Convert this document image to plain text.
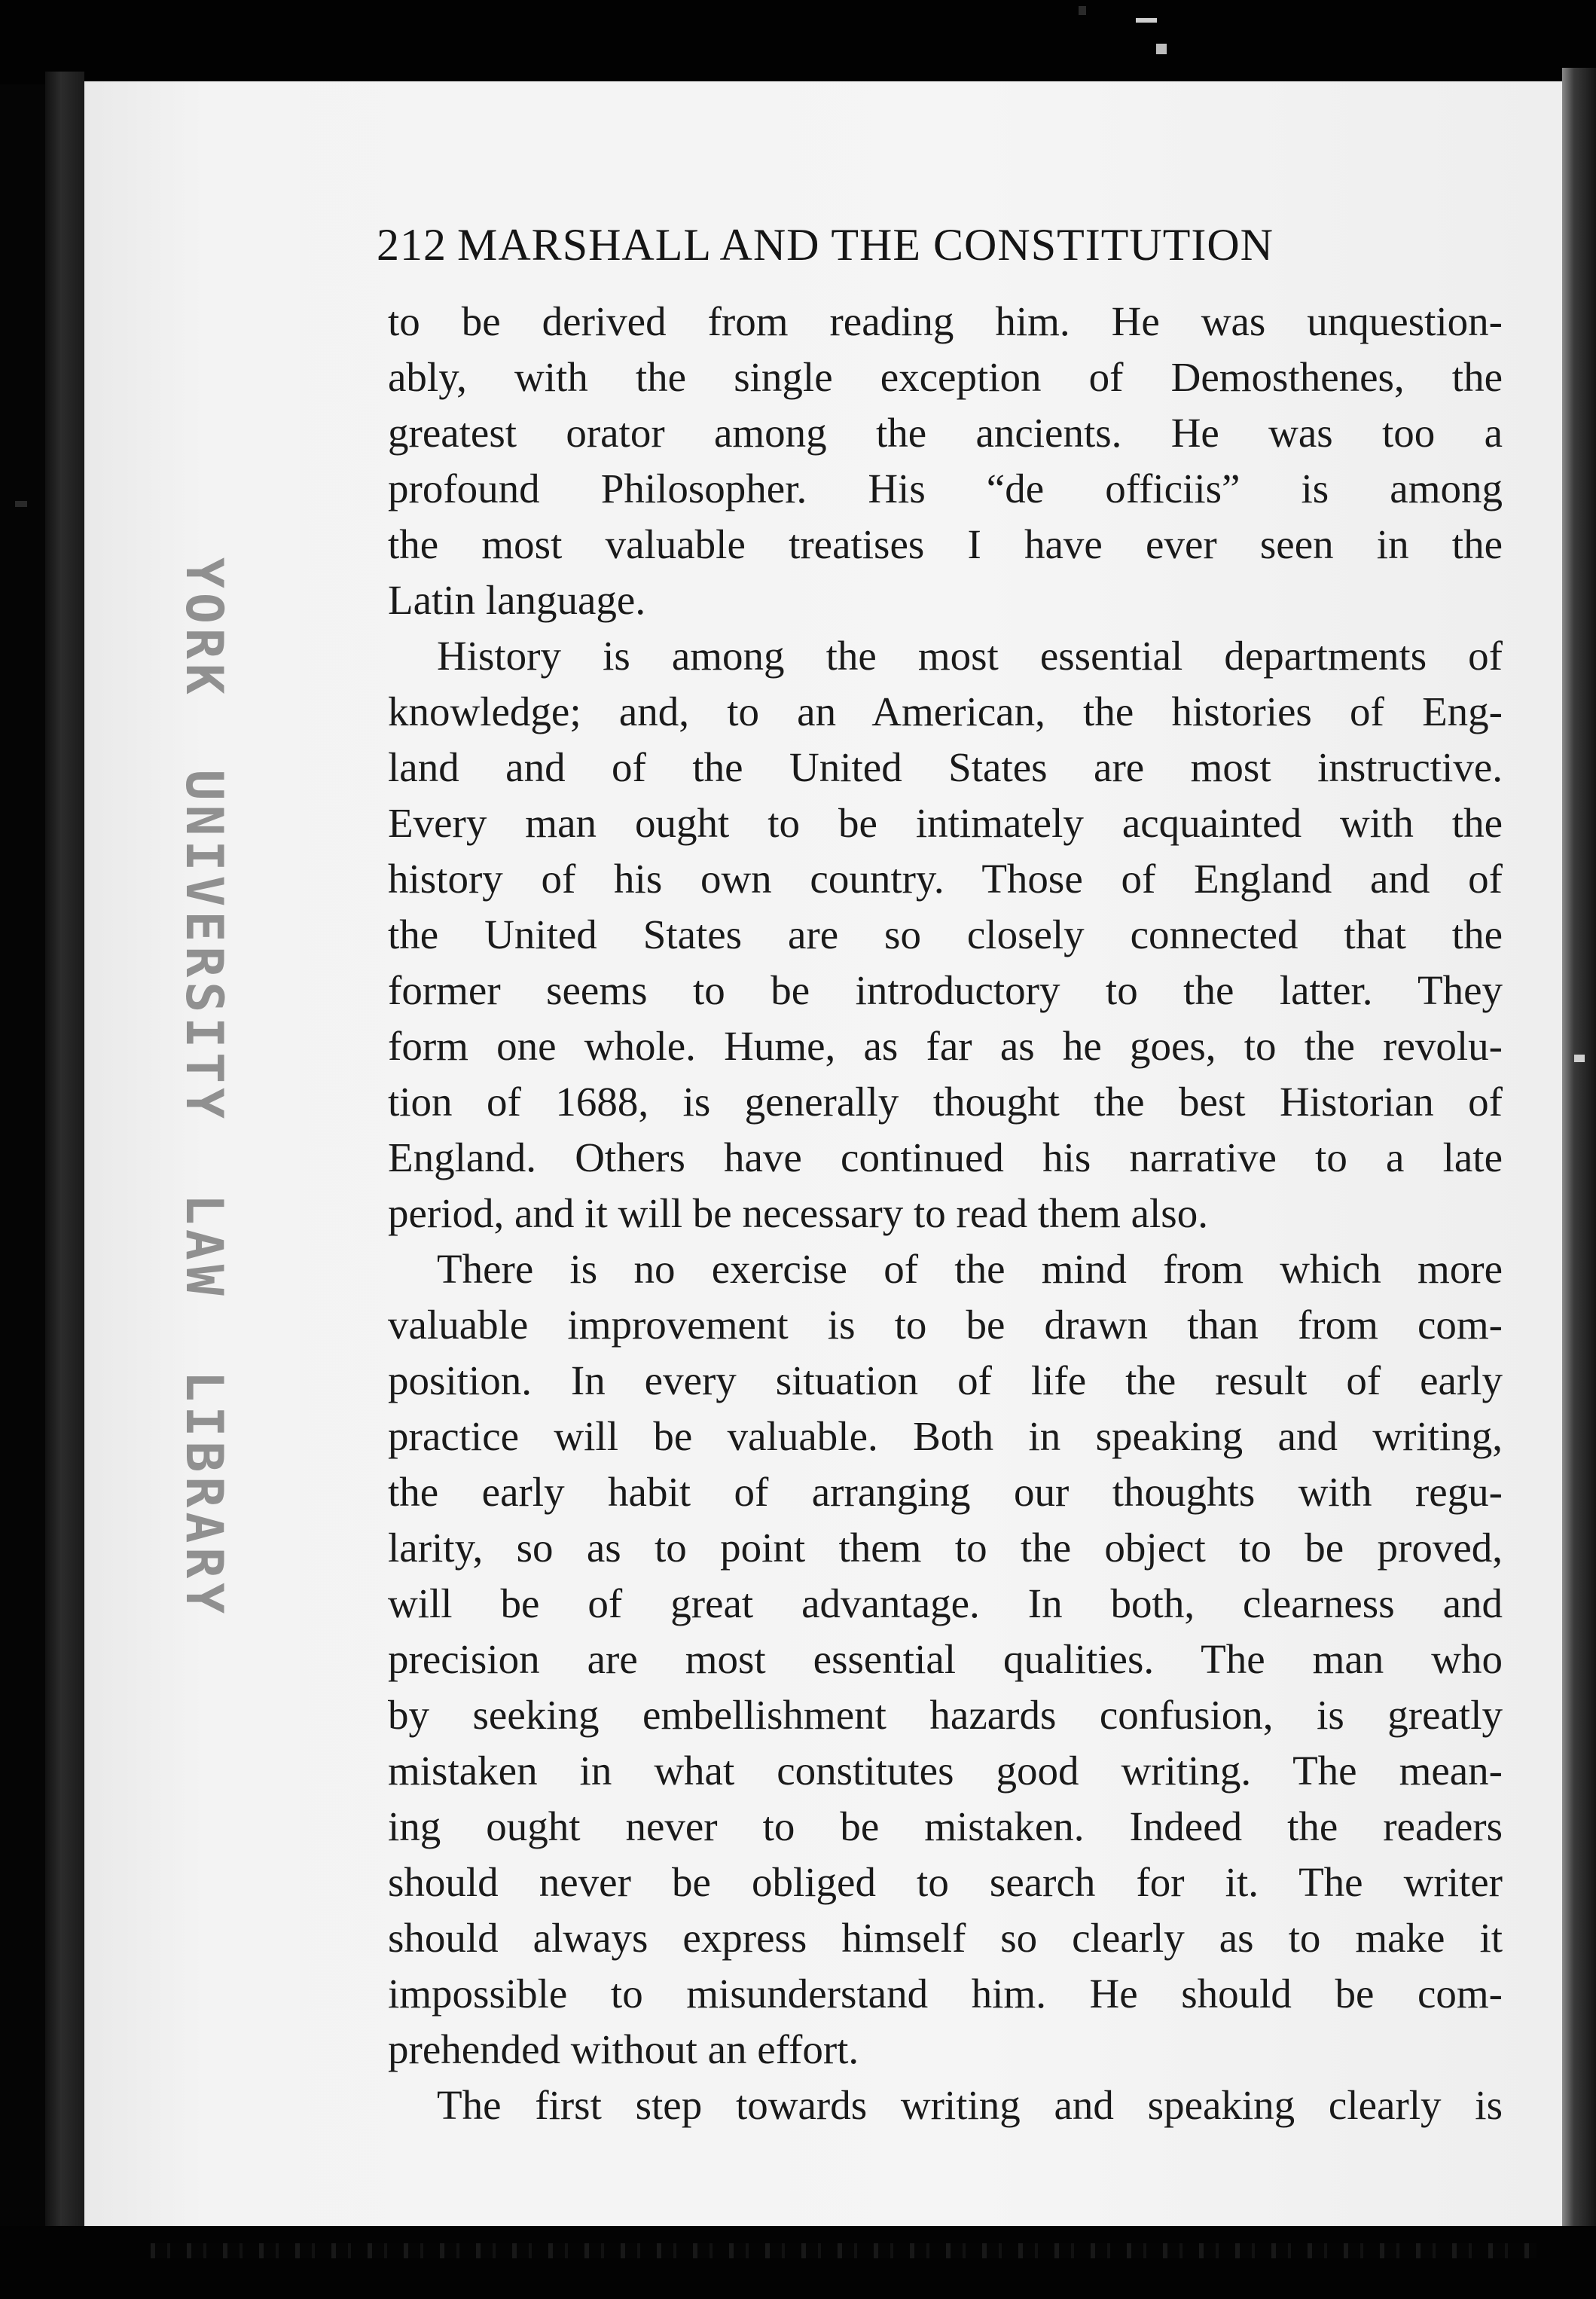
YORK  UNIVERSITY  LAW  LIBRARY
212 MARSHALL AND THE CONSTITUTION
to be derived from reading him. He was unquestion-
ably, with the single exception of Demosthenes, the
greatest orator among the ancients. He was too a
profound Philosopher. His “de officiis” is among
the most valuable treatises I have ever seen in the
Latin language.
History is among the most essential departments of
knowledge; and, to an American, the histories of Eng-
land and of the United States are most instructive.
Every man ought to be intimately acquainted with the
history of his own country. Those of England and of
the United States are so closely connected that the
former seems to be introductory to the latter. They
form one whole. Hume, as far as he goes, to the revolu-
tion of 1688, is generally thought the best Historian of
England. Others have continued his narrative to a late
period, and it will be necessary to read them also.
There is no exercise of the mind from which more
valuable improvement is to be drawn than from com-
position. In every situation of life the result of early
practice will be valuable. Both in speaking and writing,
the early habit of arranging our thoughts with regu-
larity, so as to point them to the object to be proved,
will be of great advantage. In both, clearness and
precision are most essential qualities. The man who
by seeking embellishment hazards confusion, is greatly
mistaken in what constitutes good writing. The mean-
ing ought never to be mistaken. Indeed the readers
should never be obliged to search for it. The writer
should always express himself so clearly as to make it
impossible to misunderstand him. He should be com-
prehended without an effort.
The first step towards writing and speaking clearly is
